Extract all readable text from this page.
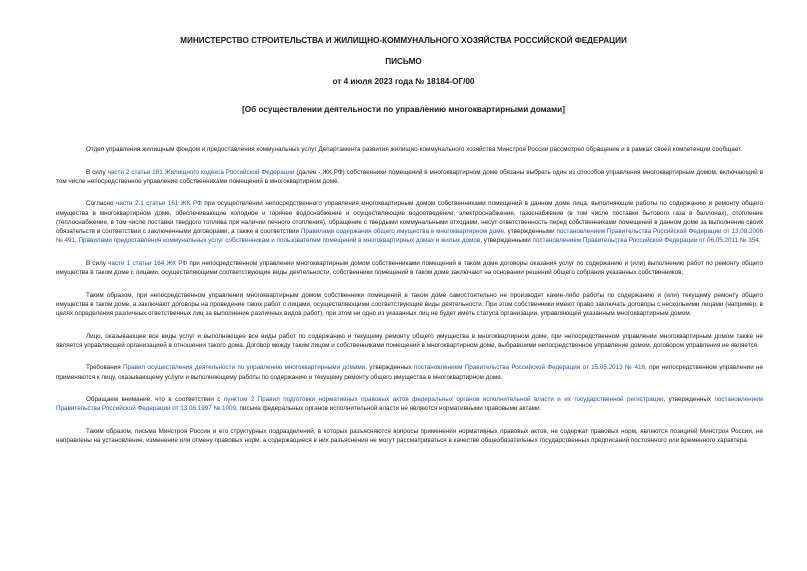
МИНИСТЕРСТВО СТРОИТЕЛЬСТВА И ЖИЛИЩНО-КОММУНАЛЬНОГО ХОЗЯЙСТВА РОССИЙСКОЙ ФЕДЕРАЦИИ
ПИСЬМО
от 4 июля 2023 года № 18184-ОГ/00
[Об осуществлении деятельности по управлению многоквартирными домами]

Отдел управления жилищным фондом и предоставления коммунальных услуг Департамента развития жилищно-коммунального хозяйства Минстроя России рассмотрел обращение и в рамках своей компетенции сообщает.

В силу части 2 статьи 161 Жилищного кодекса Российской Федерации (далее - ЖК РФ) собственники помещений в многоквартирном доме обязаны выбрать один из способов управления многоквартирным домом, включающий в том числе непосредственное управление собственниками помещений в многоквартирном доме.

Согласно части 2.1 статьи 161 ЖК РФ при осуществлении непосредственного управления многоквартирным домом собственниками помещений в данном доме лица, выполняющие работы по содержанию и ремонту общего имущества в многоквартирном доме, обеспечивающие холодное и горячее водоснабжение и осуществляющие водоотведение, электроснабжение, газоснабжение (в том числе поставки бытового газа в баллонах), отопление (теплоснабжение, в том числе поставки твердого топлива при наличии печного отопления), обращение с твердыми коммунальными отходами, несут ответственность перед собственниками помещений в данном доме за выполнение своих обязательств в соответствии с заключенными договорами, а также в соответствии Правилами содержания общего имущества в многоквартирном доме, утвержденными постановлением Правительства Российской Федерации от 13.08.2006 № 491, Правилами предоставления коммунальных услуг собственникам и пользователям помещений в многоквартирных домах и жилых домов, утвержденными постановлением Правительства Российской Федерации от 06.05.2011 № 354.

В силу части 1 статьи 164 ЖК РФ при непосредственном управлении многоквартирным домом собственниками помещений в таком доме договоры оказания услуг по содержанию и (или) выполнению работ по ремонту общего имущества в таком доме с лицами, осуществляющими соответствующие виды деятельности, собственники помещений в таком доме заключают на основании решений общего собрания указанных собственников.

Таким образом, при непосредственном управлении многоквартирным домом собственники помещений в таком доме самостоятельно не производят какие-либо работы по содержанию и (или) текущему ремонту общего имущества в таком доме, а заключают договоры на проведение таких работ с лицами, осуществляющими соответствующие виды деятельности. При этом собственники имеют право заключать договоры с несколькими лицами (например, в целях определения различных ответственных лиц за выполнение различных видов работ), при этом ни одно из указанных лиц не будет иметь статуса организации, управляющей указанным многоквартирным домом.

Лицо, оказывающее все виды услуг и выполняющее все виды работ по содержанию и текущему ремонту общего имущества в многоквартирном доме, при непосредственном управлении многоквартирным домом также не является управляющей организацией в отношении такого дома. Договор между таким лицом и собственниками помещений в многоквартирном доме, выбравшими непосредственное управление домом, договором управления не является.

Требования Правил осуществления деятельности по управлению многоквартирными домами, утвержденных постановлением Правительства Российской Федерации от 15.05.2013 № 416, при непосредственном управлении не применяются к лицу, оказывающему услуги и выполняющему работы по содержанию и текущему ремонту общего имущества в многоквартирном доме.

Обращаем внимание, что в соответствии с пунктом 2 Правил подготовки нормативных правовых актов федеральных органов исполнительной власти и их государственной регистрации, утвержденных постановлением Правительства Российской Федерации от 13.08.1997 № 1009, письма федеральных органов исполнительной власти не являются нормативными правовыми актами.

Таким образом, письма Минстроя России и его структурных подразделений, в которых разъясняются вопросы применения нормативных правовых актов, не содержат правовых норм, являются позицией Минстроя России, не направлены на установление, изменение или отмену правовых норм, а содержащиеся в них разъяснения не могут рассматриваться в качестве общеобязательных государственных предписаний постоянного или временного характера.
